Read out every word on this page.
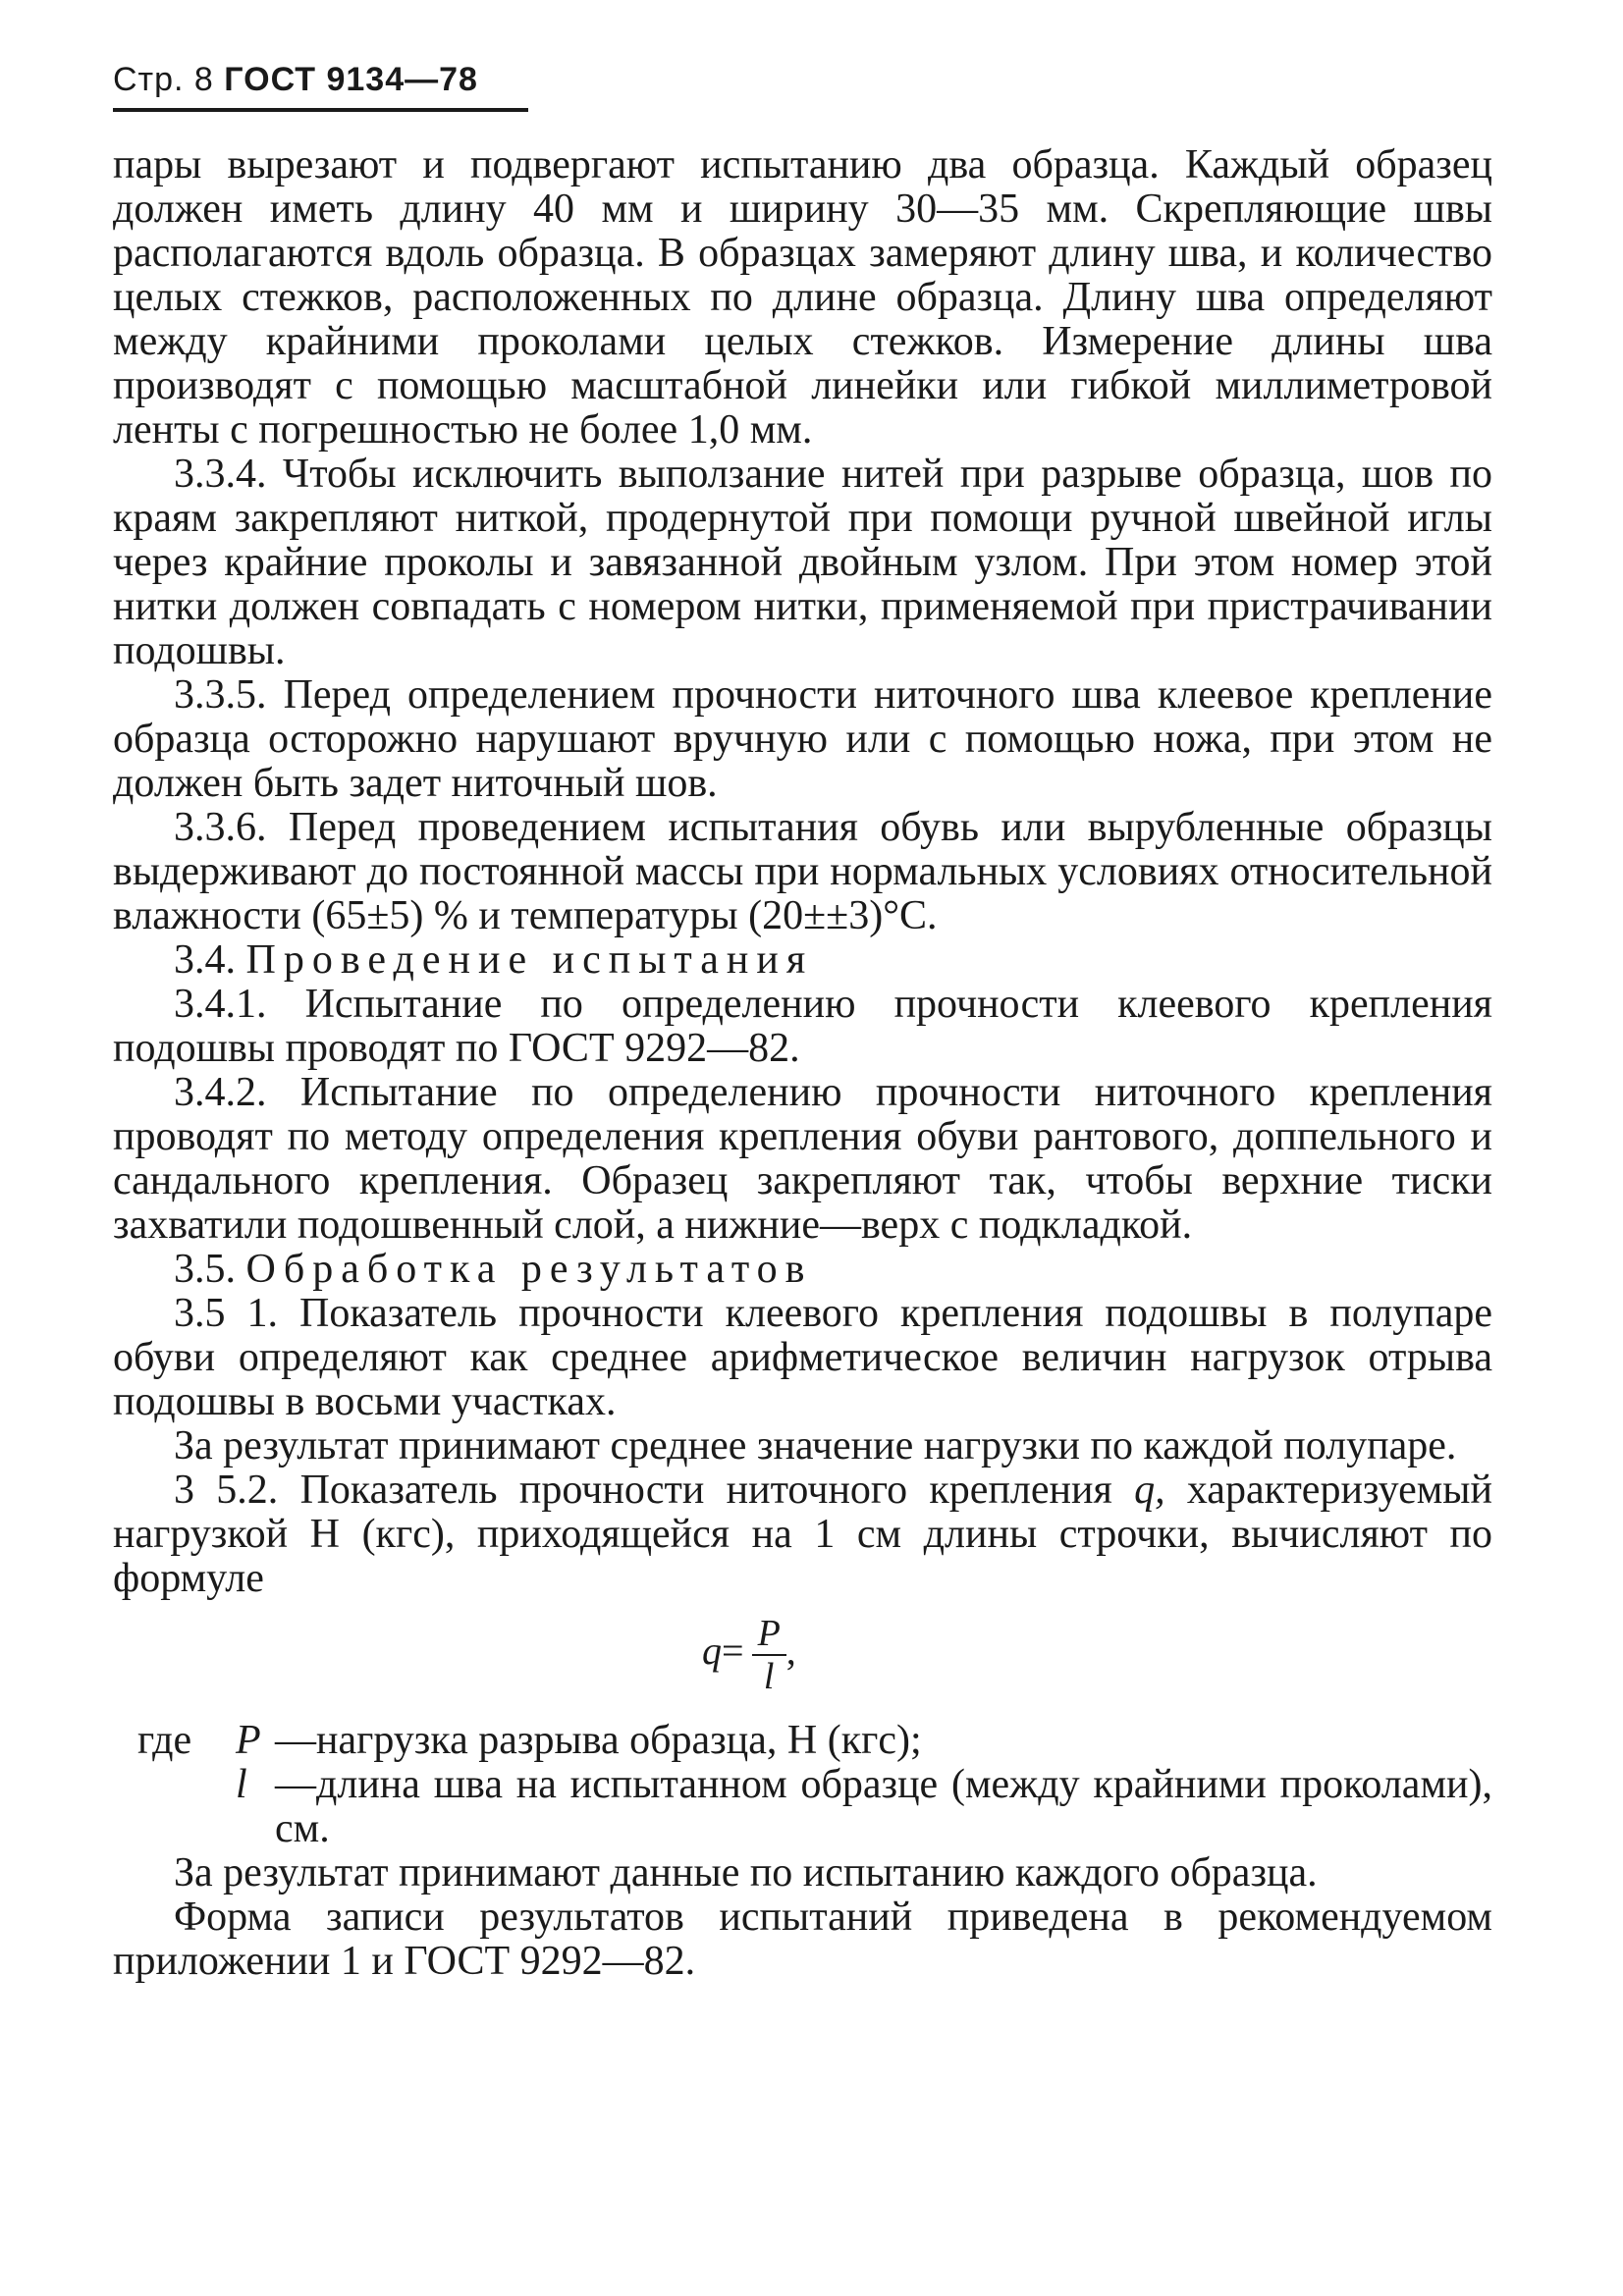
Стр. 8 ГОСТ 9134—78

пары вырезают и подвергают испытанию два образца. Каждый образец должен иметь длину 40 мм и ширину 30—35 мм. Скрепляющие швы располагаются вдоль образца. В образцах замеряют длину шва, и количество целых стежков, расположенных по длине образца. Длину шва определяют между крайними проколами целых стежков. Измерение длины шва производят с помощью масштабной линейки или гибкой миллиметровой ленты с погрешностью не более 1,0 мм.

3.3.4. Чтобы исключить выползание нитей при разрыве образца, шов по краям закрепляют ниткой, продернутой при помощи ручной швейной иглы через крайние проколы и завязанной двойным узлом. При этом номер этой нитки должен совпадать с номером нитки, применяемой при пристрачивании подошвы.

3.3.5. Перед определением прочности ниточного шва клеевое крепление образца осторожно нарушают вручную или с помощью ножа, при этом не должен быть задет ниточный шов.

3.3.6. Перед проведением испытания обувь или вырубленные образцы выдерживают до постоянной массы при нормальных условиях относительной влажности (65±5) % и температуры (20±±3)°С.

3.4. Проведение испытания

3.4.1. Испытание по определению прочности клеевого крепления подошвы проводят по ГОСТ 9292—82.

3.4.2. Испытание по определению прочности ниточного крепления проводят по методу определения крепления обуви рантового, доппельного и сандального крепления. Образец закрепляют так, чтобы верхние тиски захватили подошвенный слой, а нижние—верх с подкладкой.

3.5. Обработка результатов

3.5 1. Показатель прочности клеевого крепления подошвы в полупаре обуви определяют как среднее арифметическое величин нагрузок отрыва подошвы в восьми участках.

За результат принимают среднее значение нагрузки по каждой полупаре.

3 5.2. Показатель прочности ниточного крепления q, характеризуемый нагрузкой Н (кгс), приходящейся на 1 см длины строчки, вычисляют по формуле

$q= \frac{P}{l}$ ,
где	P —нагрузка разрыва образца, Н (кгс);
l —длина шва на испытанном образце (между крайними проколами), см.

За результат принимают данные по испытанию каждого образца.

Форма записи результатов испытаний приведена в рекомендуемом приложении 1 и ГОСТ 9292—82.
